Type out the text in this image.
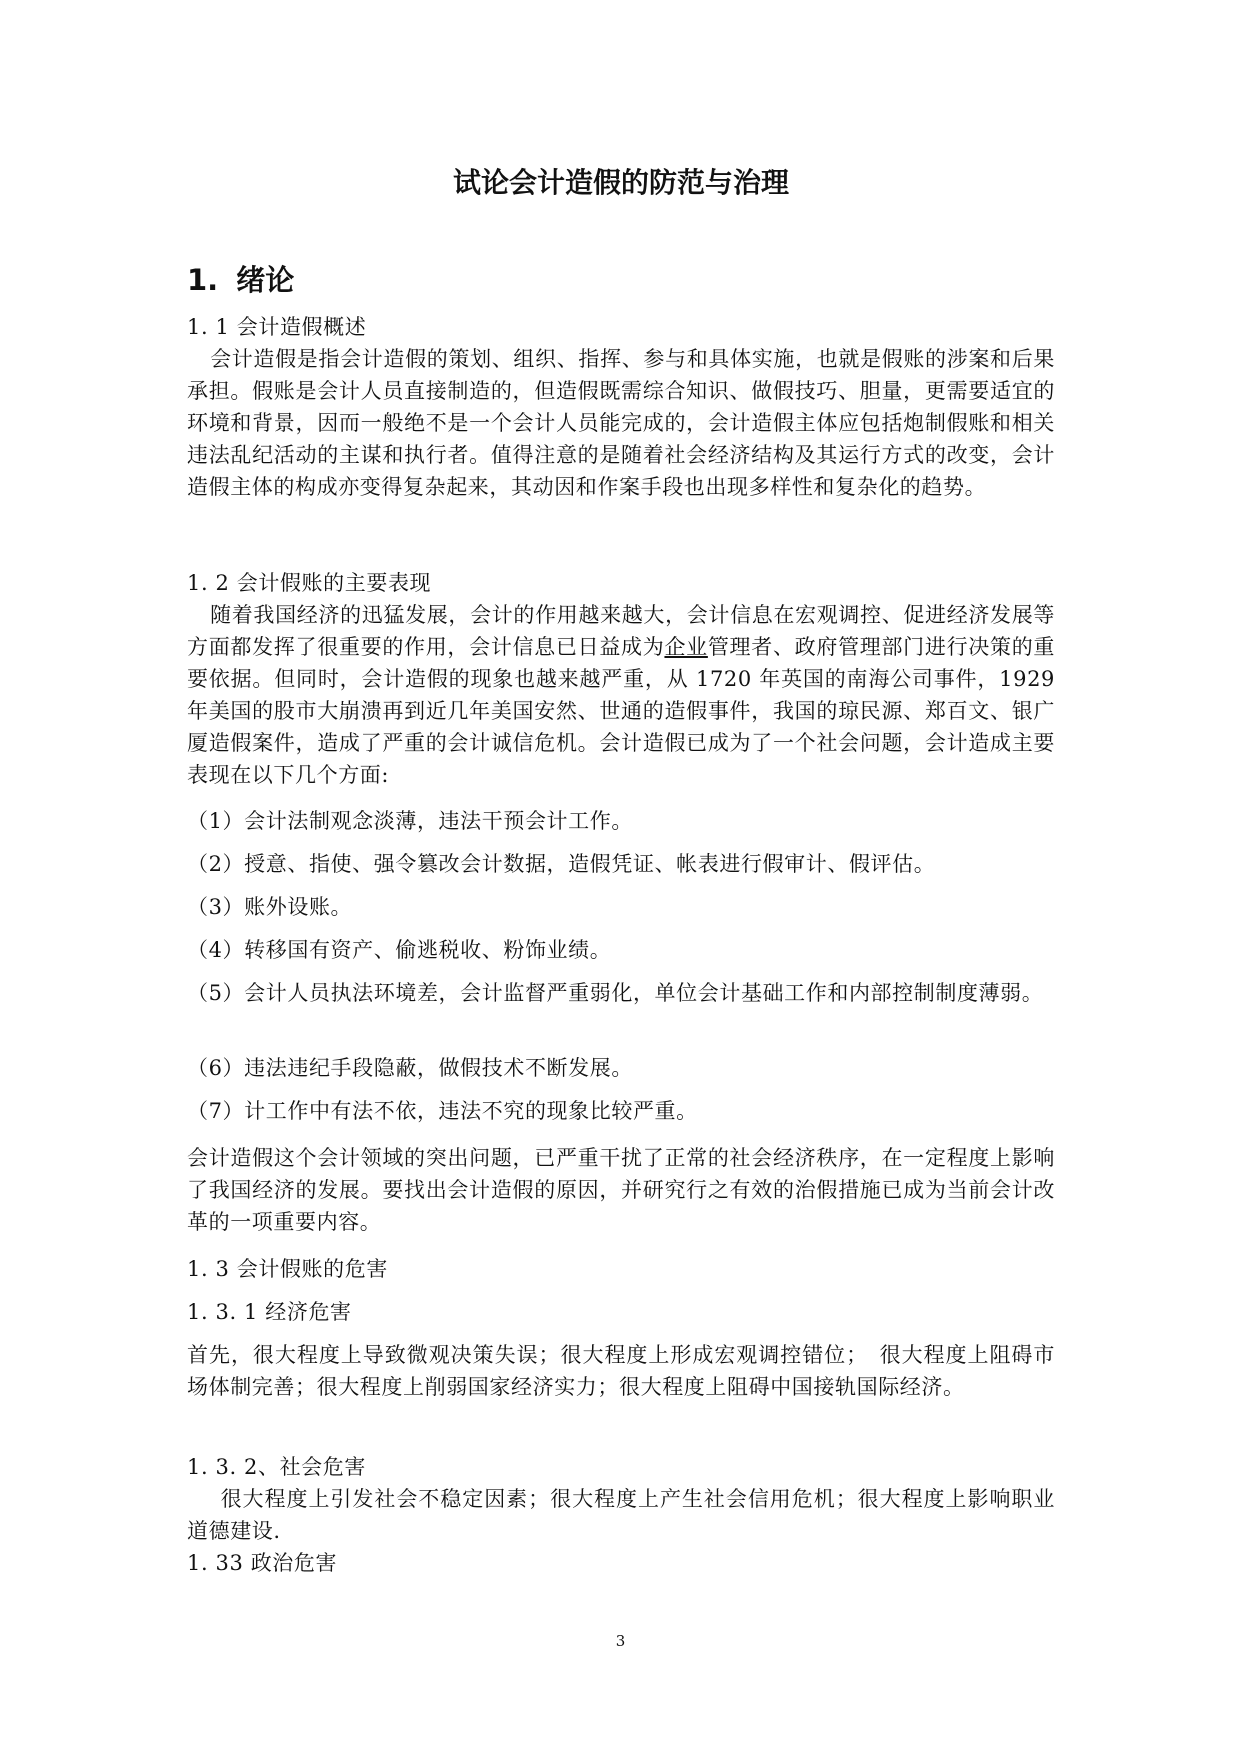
试论会计造假的防范与治理
1. 绪论
1. 1 会计造假概述
会计造假是指会计造假的策划、组织、指挥、参与和具体实施，也就是假账的涉案和后果承担。假账是会计人员直接制造的，但造假既需综合知识、做假技巧、胆量，更需要适宜的环境和背景，因而一般绝不是一个会计人员能完成的，会计造假主体应包括炮制假账和相关违法乱纪活动的主谋和执行者。值得注意的是随着社会经济结构及其运行方式的改变，会计造假主体的构成亦变得复杂起来，其动因和作案手段也出现多样性和复杂化的趋势。
1. 2 会计假账的主要表现
随着我国经济的迅猛发展，会计的作用越来越大，会计信息在宏观调控、促进经济发展等方面都发挥了很重要的作用，会计信息已日益成为企业管理者、政府管理部门进行决策的重要依据。但同时，会计造假的现象也越来越严重，从 1720 年英国的南海公司事件，1929 年美国的股市大崩溃再到近几年美国安然、世通的造假事件，我国的琼民源、郑百文、银广厦造假案件，造成了严重的会计诚信危机。会计造假已成为了一个社会问题，会计造成主要表现在以下几个方面:
（1）会计法制观念淡薄，违法干预会计工作。
（2）授意、指使、强令篡改会计数据，造假凭证、帐表进行假审计、假评估。
（3）账外设账。
（4）转移国有资产、偷逃税收、粉饰业绩。
（5）会计人员执法环境差，会计监督严重弱化，单位会计基础工作和内部控制制度薄弱。
（6）违法违纪手段隐蔽，做假技术不断发展。
（7）计工作中有法不依，违法不究的现象比较严重。
会计造假这个会计领域的突出问题，已严重干扰了正常的社会经济秩序，在一定程度上影响了我国经济的发展。要找出会计造假的原因，并研究行之有效的治假措施已成为当前会计改革的一项重要内容。
1. 3 会计假账的危害
1. 3. 1 经济危害
首先，很大程度上导致微观决策失误；很大程度上形成宏观调控错位；　很大程度上阻碍市场体制完善；很大程度上削弱国家经济实力；很大程度上阻碍中国接轨国际经济。
1. 3. 2、社会危害
很大程度上引发社会不稳定因素；很大程度上产生社会信用危机；很大程度上影响职业道德建设.
1. 33 政治危害
3
